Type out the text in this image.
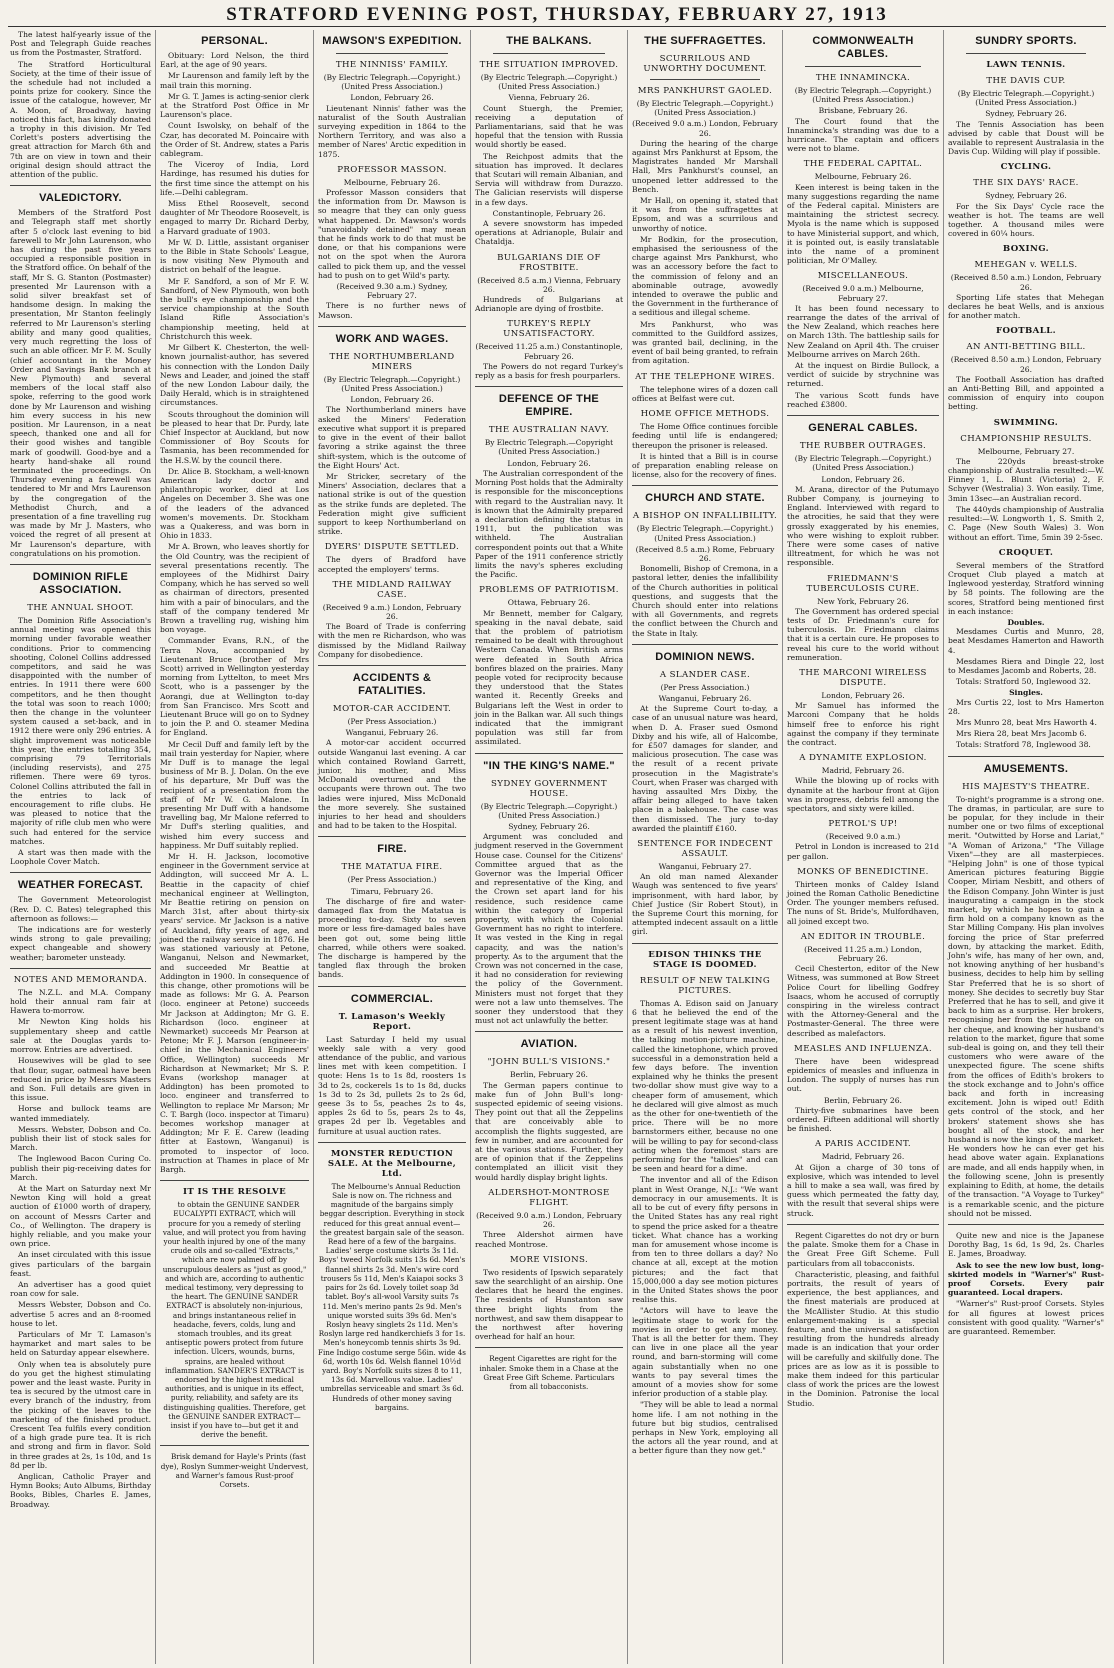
STRATFORD EVENING POST, THURSDAY, FEBRUARY 27, 1913

The latest half-yearly issue of the Post and Telegraph Guide reaches us from the Postmaster, Stratford.

The Stratford Horticultural Society, at the time of their issue of the schedule had not included a points prize for cookery. Since the issue of the catalogue, however, Mr A. Moon, of Broadway, having noticed this fact, has kindly donated a trophy in this division. Mr Ted Corlett's posters advertising the great attraction for March 6th and 7th are on view in town and their original design should attract the attention of the public.

VALEDICTORY.

Members of the Stratford Post and Telegraph staff met shortly after 5 o'clock last evening to bid farewell to Mr John Laurenson, who has during the past five years occupied a responsible position in the Stratford office. On behalf of the staff, Mr S. G. Stanton (Postmaster) presented Mr Laurenson with a solid silver breakfast set of handsome design. In making the presentation, Mr Stanton feelingly referred to Mr Laurenson's sterling ability and many good qualities, very much regretting the loss of such an able officer. Mr F. M. Scully (chief accountant in the Money Order and Savings Bank branch at New Plymouth) and several members of the local staff also spoke, referring to the good work done by Mr Laurenson and wishing him every success in his new position. Mr Laurenson, in a neat speech, thanked one and all for their good wishes and tangible mark of goodwill. Good-bye and a hearty hand-shake all round terminated the proceedings. On Thursday evening a farewell was tendered to Mr and Mrs Laurenson by the congregation of the Methodist Church, and a presentation of a fine travelling rug was made by Mr J. Masters, who voiced the regret of all present at Mr Laurenson's departure, with congratulations on his promotion.

DOMINION RIFLE ASSOCIATION.
THE ANNUAL SHOOT.

The Dominion Rifle Association's annual meeting was opened this morning under favorable weather conditions. Prior to commencing shooting, Colonel Collins addressed competitors, and said he was disappointed with the number of entries. In 1911 there were 600 competitors, and he then thought the total was soon to reach 1000; then the change in the volunteer system caused a set-back, and in 1912 there were only 296 entries. A slight improvement was noticeable this year, the entries totalling 354, comprising 79 Territorials (including reservists), and 275 riflemen. There were 69 tyros. Colonel Collins attributed the fall in the entries to lack of encouragement to rifle clubs. He was pleased to notice that the majority of rifle club men who were such had entered for the service matches.

A start was then made with the Loophole Cover Match.

WEATHER FORECAST.

The Government Meteorologist (Rev. D. C. Bates) telegraphed this afternoon as follows:—

The indications are for westerly winds strong to gale prevailing; expect changeable and showery weather; barometer unsteady.

NOTES AND MEMORANDA.

The N.Z.L. and M.A. Company hold their annual ram fair at Hawera to-morrow.

Mr Newton King holds his supplementary sheep and cattle sale at the Douglas yards to-morrow. Entries are advertised.

Housewives will be glad to see that flour, sugar, oatmeal have been reduced in price by Messrs Masters and Son. Full details are given in this issue.

Horse and bullock teams are wanted immediately.

Messrs. Webster, Dobson and Co. publish their list of stock sales for March.

The Inglewood Bacon Curing Co. publish their pig-receiving dates for March.

At the Mart on Saturday next Mr Newton King will hold a great auction of £1000 worth of drapery, on account of Messrs Carter and Co., of Wellington. The drapery is highly reliable, and you make your own price.

An inset circulated with this issue gives particulars of the bargain feast.

An advertiser has a good quiet roan cow for sale.

Messrs Webster, Dobson and Co. advertise 5 acres and an 8-roomed house to let.

Particulars of Mr T. Lamason's haymarket and mart sales to be held on Saturday appear elsewhere.

Only when tea is absolutely pure do you get the highest stimulating power and the least waste. Purity in tea is secured by the utmost care in every branch of the industry, from the picking of the leaves to the marketing of the finished product. Crescent Tea fulfils every condition of a high grade pure tea. It is rich and strong and firm in flavor. Sold in three grades at 2s, 1s 10d, and 1s 8d per lb.

Anglican, Catholic Prayer and Hymn Books; Auto Albums, Birthday Books, Bibles, Charles E. James, Broadway.

PERSONAL.

Obituary: Lord Nelson, the third Earl, at the age of 90 years.

Mr Laurenson and family left by the mail train this morning.

Mr G. T. James is acting-senior clerk at the Stratford Post Office in Mr Laurenson's place.

Count Iswolsky, on behalf of the Czar, has decorated M. Poincaire with the Order of St. Andrew, states a Paris cablegram.

The Viceroy of India, Lord Hardinge, has resumed his duties for the first time since the attempt on his life.—Delhi cablegram.

Miss Ethel Roosevelt, second daughter of Mr Theodore Roosevelt, is engaged to marry Dr. Richard Derby, a Harvard graduate of 1903.

Mr W. D. Little, assistant organiser to the Bible in State Schools' League, is now visiting New Plymouth and district on behalf of the league.

Mr F. Sandford, a son of Mr F. W. Sandford, of New Plymouth, won both the bull's eye championship and the service championship at the South Island Rifle Association's championship meeting, held at Christchurch this week.

Mr Gilbert K. Chesterton, the well-known journalist-author, has severed his connection with the London Daily News and Leader, and joined the staff of the new London Labour daily, the Daily Herald, which is in straightened circumstances.

Scouts throughout the dominion will be pleased to hear that Dr. Purdy, late Chief Inspector at Auckland, but now Commissioner of Boy Scouts for Tasmania, has been recommended for the H.S.W. by the council there.

Dr. Alice B. Stockham, a well-known American lady doctor and philanthropic worker, died at Los Angeles on December 3. She was one of the leaders of the advanced women's movements. Dr. Stockham was a Quakeress, and was born in Ohio in 1833.

Mr A. Brown, who leaves shortly for the Old Country, was the recipient of several presentations recently. The employees of the Midhirst Dairy Company, which he has served so well as chairman of directors, presented him with a pair of binoculars, and the staff of the company tendered Mr Brown a travelling rug, wishing him bon voyage.

Commander Evans, R.N., of the Terra Nova, accompanied by Lieutenant Bruce (brother of Mrs Scott) arrived in Wellington yesterday morning from Lyttelton, to meet Mrs Scott, who is a passenger by the Aorangi, due at Wellington to-day from San Francisco. Mrs Scott and Lieutenant Bruce will go on to Sydney to join the P. and O. steamer Medina for England.

Mr Cecil Duff and family left by the mail train yesterday for Napier, where Mr Duff is to manage the legal business of Mr B. J. Dolan. On the eve of his departure, Mr Duff was the recipient of a presentation from the staff of Mr W. G. Malone. In presenting Mr Duff with a handsome travelling bag, Mr Malone referred to Mr Duff's sterling qualities, and wished him every success and happiness. Mr Duff suitably replied.

Mr H. H. Jackson, locomotive engineer in the Government service at Addington, will succeed Mr A. L. Beattie in the capacity of chief mechanical engineer at Wellington, Mr Beattie retiring on pension on March 31st, after about thirty-six years' service. Mr Jackson is a native of Auckland, fifty years of age, and joined the railway service in 1876. He was stationed variously at Petone, Wanganui, Nelson and Newmarket, and succeeded Mr Beattie at Addington in 1900. In consequence of this change, other promotions will be made as follows: Mr G. A. Pearson (loco. engineer at Petone) succeeds Mr Jackson at Addington; Mr G. E. Richardson (loco. engineer at Newmarket) succeeds Mr Pearson at Petone; Mr F. J. Marson (engineer-in-chief in the Mechanical Engineers' Office, Wellington) succeeds Mr Richardson at Newmarket; Mr S. P. Evans (workshop manager at Addington) has been promoted to loco. engineer and transferred to Wellington to replace Mr Marson; Mr C. T. Bargh (loco. inspector at Timaru) becomes workshop manager at Addington; Mr F. E. Carew (leading fitter at Eastown, Wanganui) is promoted to inspector of loco. instruction at Thames in place of Mr Bargh.

IT IS THE RESOLVE

to obtain the GENUINE SANDER EUCALYPTI EXTRACT, which will procure for you a remedy of sterling value, and will protect you from having your health injured by one of the many crude oils and so-called "Extracts," which are now palmed off by unscrupulous dealers as "just as good," and which are, according to authentic medical testimony, very depressing to the heart. The GENUINE SANDER EXTRACT is absolutely non-injurious, and brings instantaneous relief in headache, fevers, colds, lung and stomach troubles, and its great antiseptic powers protect from future infection. Ulcers, wounds, burns, sprains, are healed without inflammation. SANDER'S EXTRACT is endorsed by the highest medical authorities, and is unique in its effect, purity, reliability, and safety are its distinguishing qualities. Therefore, get the GENUINE SANDER EXTRACT—insist if you have to—but get it and derive the benefit.

Brisk demand for Hayle's Prints (fast dye), Roslyn Summer-weight Undervest, and Warner's famous Rust-proof Corsets.

MAWSON'S EXPEDITION.
THE NINNISS' FAMILY.
(By Electric Telegraph.—Copyright.) (United Press Association.)
London, February 26.

Lieutenant Ninnis' father was the naturalist of the South Australian surveying expedition in 1864 to the Northern Territory, and was also a member of Nares' Arctic expedition in 1875.

PROFESSOR MASSON.
Melbourne, February 26.

Professor Masson considers that the information from Dr. Mawson is so meagre that they can only guess what happened. Dr. Mawson's words "unavoidably detained" may mean that he finds work to do that must be done, or that his companions were not on the spot when the Aurora called to pick them up, and the vessel had to push on to get Wild's party.

(Received 9.30 a.m.) Sydney, February 27.

There is no further news of Mawson.

WORK AND WAGES.
THE NORTHUMBERLAND MINERS
(By Electric Telegraph.—Copyright.) (United Press Association.)
London, February 26.

The Northumberland miners have asked the Miners' Federation executive what support it is prepared to give in the event of their ballot favoring a strike against the three shift-system, which is the outcome of the Eight Hours' Act.

Mr Stricker, secretary of the Miners' Association, declares that a national strike is out of the question as the strike funds are depleted. The Federation might give sufficient support to keep Northumberland on strike.

DYERS' DISPUTE SETTLED.

The dyers of Bradford have accepted the employers' terms.

THE MIDLAND RAILWAY CASE.
(Received 9 a.m.) London, February 26.

The Board of Trade is conferring with the men re Richardson, who was dismissed by the Midland Railway Company for disobedience.

ACCIDENTS & FATALITIES.
MOTOR-CAR ACCIDENT.
(Per Press Association.)
Wanganui, February 26.

A motor-car accident occurred outside Wanganui last evening. A car which contained Rowland Garrett, junior, his mother, and Miss McDonald overturned and the occupants were thrown out. The two ladies were injured, Miss McDonald the more severely. She sustained injuries to her head and shoulders and had to be taken to the Hospital.

FIRE.
THE MATATUA FIRE.
(Per Press Association.)
Timaru, February 26.

The discharge of fire and water-damaged flax from the Matatua is proceeding to-day. Sixty to seven more or less fire-damaged bales have been got out, some being little charred, while others were soaked. The discharge is hampered by the tangled flax through the broken bands.

COMMERCIAL.
T. Lamason's Weekly Report.

Last Saturday I held my usual weekly sale with a very good attendance of the public, and various lines met with keen competition. I quote: Hens 1s to 1s 8d, roosters 1s 3d to 2s, cockerels 1s to 1s 8d, ducks 1s 3d to 2s 3d, pullets 2s to 2s 6d, geese 3s to 5s, peaches 2s to 4s, apples 2s 6d to 5s, pears 2s to 4s, grapes 2d per lb. Vegetables and furniture at usual auction rates.

MONSTER REDUCTION SALE. At the Melbourne, Ltd.

The Melbourne's Annual Reduction Sale is now on. The richness and magnitude of the bargains simply beggar description. Everything in stock reduced for this great annual event—the greatest bargain sale of the season. Read here of a few of the bargains. Ladies' serge costume skirts 3s 11d. Boys' tweed Norfolk suits 13s 6d. Men's flannel shirts 2s 3d. Men's wire cord trousers 5s 11d, Men's Kaiapoi socks 3 pairs for 2s 6d. Lovely toilet soap 3d tablet. Boy's all-wool Varsity suits 7s 11d. Men's merino pants 2s 9d. Men's unique worsted suits 39s 6d. Men's Roslyn heavy singlets 2s 11d. Men's Roslyn large red handkerchiefs 3 for 1s. Men's honeycomb tennis shirts 3s 9d. Fine Indigo costume serge 56in. wide 4s 6d, worth 10s 6d. Welsh flannel 10½d yard. Boy's Norfolk suits sizes 8 to 11, 13s 6d. Marvellous value. Ladies' umbrellas serviceable and smart 3s 6d. Hundreds of other money saving bargains.

THE BALKANS.
THE SITUATION IMPROVED.
(By Electric Telegraph.—Copyright.) (United Press Association.)
Vienna, February 26.

Count Stuergh, the Premier, receiving a deputation of Parliamentarians, said that he was hopeful that the tension with Russia would shortly be eased.

The Reichpost admits that the situation has improved. It declares that Scutari will remain Albanian, and Servia will withdraw from Durazzo. The Galician reservists will disperse in a few days.

Constantinople, February 26.

A severe snowstorm has impeded operations at Adrianople, Bulair and Chataldja.

BULGARIANS DIE OF FROSTBITE.
(Received 8.5 a.m.) Vienna, February 26.

Hundreds of Bulgarians at Adrianople are dying of frostbite.

TURKEY'S REPLY UNSATISFACTORY.
(Received 11.25 a.m.) Constantinople, February 26.

The Powers do not regard Turkey's reply as a basis for fresh pourparlers.

DEFENCE OF THE EMPIRE.
THE AUSTRALIAN NAVY.
By Electric Telegraph.—Copyright (United Press Association.)
London, February 26.

The Australian correspondent of the Morning Post holds that the Admiralty is responsible for the misconceptions with regard to the Australian navy. It is known that the Admiralty prepared a declaration defining the status in 1911, but the publication was withheld. The Australian correspondent points out that a White Paper of the 1911 conference strictly limits the navy's spheres excluding the Pacific.

PROBLEMS OF PATRIOTISM.
Ottawa, February 26.

Mr Bennett, member for Calgary, speaking in the naval debate, said that the problem of patriotism remained to be dealt with throughout Western Canada. When British arms were defeated in South Africa bonfires blazed on the prairies. Many people voted for reciprocity because they understood that the States wanted it. Recently Greeks and Bulgarians left the West in order to join in the Balkan war. All such things indicated that the immigrant population was still far from assimilated.

"IN THE KING'S NAME."
SYDNEY GOVERNMENT HOUSE.
(By Electric Telegraph.—Copyright.) (United Press Association.)
Sydney, February 26.

Argument was concluded and judgment reserved in the Government House case. Counsel for the Citizens' Committee argued that as the Governor was the Imperial Officer and representative of the King, and the Crown set apart land for his residence, such residence came within the category of Imperial property, with which the Colonial Government has no right to interfere. It was vested in the King in regal capacity, and was the nation's property. As to the argument that the Crown was not concerned in the case, it had no consideration for reviewing the policy of the Government. Ministers must not forget that they were not a law unto themselves. The sooner they understood that they must not act unlawfully the better.

AVIATION.
"JOHN BULL'S VISIONS."
Berlin, February 26.

The German papers continue to make fun of John Bull's long-suspected epidemic of seeing visions. They point out that all the Zeppelins that are conceivably able to accomplish the flights suggested, are few in number, and are accounted for at the various stations. Further, they are of opinion that if the Zeppelins contemplated an illicit visit they would hardly display bright lights.

ALDERSHOT-MONTROSE FLIGHT.
(Received 9.0 a.m.) London, February 26.

Three Aldershot airmen have reached Montrose.

MORE VISIONS.

Two residents of Ipswich separately saw the searchlight of an airship. One declares that he heard the engines. The residents of Hunstanton saw three bright lights from the northwest, and saw them disappear to the northwest after hovering overhead for half an hour.

Regent Cigarettes are right for the inhaler. Smoke them in a Chase at the Great Free Gift Scheme. Particulars from all tobacconists.

THE SUFFRAGETTES.
SCURRILOUS AND UNWORTHY DOCUMENT.
MRS PANKHURST GAOLED.
(By Electric Telegraph.—Copyright.) (United Press Association.)
(Received 9.0 a.m.) London, February 26.

During the hearing of the charge against Mrs Pankhurst at Epsom, the Magistrates handed Mr Marshall Hall, Mrs Pankhurst's counsel, an unopened letter addressed to the Bench.

Mr Hall, on opening it, stated that it was from the suffragettes at Epsom, and was a scurrilous and unworthy of notice.

Mr Bodkin, for the prosecution, emphasised the seriousness of the charge against Mrs Pankhurst, who was an accessory before the fact to the commission of felony and an abominable outrage, avowedly intended to overawe the public and the Government in the furtherance of a seditious and illegal scheme.

Mrs Pankhurst, who was committed to the Guildford assizes, was granted bail, declining, in the event of bail being granted, to refrain from agitation.

AT THE TELEPHONE WIRES.

The telephone wires of a dozen call offices at Belfast were cut.

HOME OFFICE METHODS.

The Home Office continues forcible feeding until life is endangered; thereupon the prisoner is released.

It is hinted that a Bill is in course of preparation enabling release on license, also for the recovery of fines.

CHURCH AND STATE.
A BISHOP ON INFALLIBILITY.
(By Electric Telegraph.—Copyright.) (United Press Association.)
(Received 8.5 a.m.) Rome, February 26.

Bonomelli, Bishop of Cremona, in a pastoral letter, denies the infallibility of the Church authorities in political questions, and suggests that the Church should enter into relations with all Governments, and regrets the conflict between the Church and the State in Italy.

DOMINION NEWS.
A SLANDER CASE.
(Per Press Association.)
Wanganui, February 26.

At the Supreme Court to-day, a case of an unusual nature was heard, when D. A. Fraser sued Osmond Dixby and his wife, all of Halcombe, for £507 damages for slander, and malicious prosecution. The case was the result of a recent private prosecution in the Magistrate's Court, when Fraser was charged with having assaulted Mrs Dixby, the affair being alleged to have taken place in a bakehouse. The case was then dismissed. The jury to-day awarded the plaintiff £160.

SENTENCE FOR INDECENT ASSAULT.
Wanganui, February 27.

An old man named Alexander Waugh was sentenced to five years' imprisonment, with hard labor, by Chief Justice (Sir Robert Stout), in the Supreme Court this morning, for attempted indecent assault on a little girl.

EDISON THINKS THE STAGE IS DOOMED.
RESULT OF NEW TALKING PICTURES.

Thomas A. Edison said on January 6 that he believed the end of the present legitimate stage was at hand as a result of his newest invention, the talking motion-picture machine, called the kinetophone, which proved successful in a demonstration held a few days before. The invention explained why he thinks the present two-dollar show must give way to a cheaper form of amusement, which he declared will give almost as much as the other for one-twentieth of the price. There will be no more barnstormers either, because no one will be willing to pay for second-class acting when the foremost stars are performing for the "talkies" and can be seen and heard for a dime.

The inventor and all of the Edison plant in West Orange, N.J.: "We want democracy in our amusements. It is all to be cut of every fifty persons in the United States has any real right to spend the price asked for a theatre ticket. What chance has a working man for amusement whose income is from ten to three dollars a day? No chance at all, except at the motion pictures; and the fact that 15,000,000 a day see motion pictures in the United States shows the poor realise this.

"Actors will have to leave the legitimate stage to work for the movies in order to get any money. That is all the better for them. They can live in one place all the year round, and barn-storming will come again substantially when no one wants to pay several times the amount of a movies show for some inferior production of a stable play.

"They will be able to lead a normal home life. I am not nothing in the future but big studios, centralised perhaps in New York, employing all the actors all the year round, and at a better figure than they now get."

COMMONWEALTH CABLES.
THE INNAMINCKA.
(By Electric Telegraph.—Copyright.) (United Press Association.)
Brisbane, February 26.

The Court found that the Innamincka's stranding was due to a hurricane. The captain and officers were not to blame.

THE FEDERAL CAPITAL.
Melbourne, February 26.

Keen interest is being taken in the many suggestions regarding the name of the Federal capital. Ministers are maintaining the strictest secrecy. Myola is the name which is supposed to have Ministerial support, and which, it is pointed out, is easily translatable into the name of a prominent politician, Mr O'Malley.

MISCELLANEOUS.
(Received 9.0 a.m.) Melbourne, February 27.

It has been found necessary to rearrange the dates of the arrival of the New Zealand, which reaches here on March 13th. The battleship sails for New Zealand on April 4th. The cruiser Melbourne arrives on March 26th.

At the inquest on Birdie Bullock, a verdict of suicide by strychnine was returned.

The various Scott funds have reached £3800.

GENERAL CABLES.
THE RUBBER OUTRAGES.
(By Electric Telegraph.—Copyright.) (United Press Association.)
London, February 26.

M. Arana, director of the Putumayo Rubber Company, is journeying to England. Interviewed with regard to the atrocities, he said that they were grossly exaggerated by his enemies, who were wishing to exploit rubber. There were some cases of native illtreatment, for which he was not responsible.

FRIEDMANN'S TUBERCULOSIS CURE.
New York, February 26.

The Government has ordered special tests of Dr. Friedmann's cure for tuberculosis. Dr. Friedmann claims that it is a certain cure. He proposes to reveal his cure to the world without remuneration.

THE MARCONI WIRELESS DISPUTE.
London, February 26.

Mr Samuel has informed the Marconi Company that he holds himself free to enforce his right against the company if they terminate the contract.

A DYNAMITE EXPLOSION.
Madrid, February 26.

While the blowing up of rocks with dynamite at the harbour front at Gijon was in progress, debris fell among the spectators, and sixty were killed.

PETROL'S UP!
(Received 9.0 a.m.)

Petrol in London is increased to 21d per gallon.

MONKS OF BENEDICTINE.

Thirteen monks of Caldey Island joined the Roman Catholic Benedictine Order. The younger members refused. The nuns of St. Bride's, Mulfordhaven, all joined except two.

AN EDITOR IN TROUBLE.
(Received 11.25 a.m.) London, February 26.

Cecil Chesterton, editor of the New Witness, was summoned at Bow Street Police Court for libelling Godfrey Isaacs, whom he accused of corruptly conspiring in the wireless contract with the Attorney-General and the Postmaster-General. The three were described as malefactors.

MEASLES AND INFLUENZA.

There have been widespread epidemics of measles and influenza in London. The supply of nurses has run out.

Berlin, February 26.

Thirty-five submarines have been ordered. Fifteen additional will shortly be finished.

A PARIS ACCIDENT.
Madrid, February 26.

At Gijon a charge of 30 tons of explosive, which was intended to level a hill to make a sea wall, was fired by guess which permeated the fatty day, with the result that several ships were struck.

Regent Cigarettes do not dry or burn the palate. Smoke them for a Chase in the Great Free Gift Scheme. Full particulars from all tobacconists.

Characteristic, pleasing, and faithful portraits, the result of years of experience, the best appliances, and the finest materials are produced at the McAllister Studio. At this studio enlargement-making is a special feature, and the universal satisfaction resulting from the hundreds already made is an indication that your order will be carefully and skilfully done. The prices are as low as it is possible to make them indeed for this particular class of work the prices are the lowest in the Dominion. Patronise the local Studio.

SUNDRY SPORTS.
LAWN TENNIS.
THE DAVIS CUP.
(By Electric Telegraph.—Copyright.) (United Press Association.)
Sydney, February 26.

The Tennis Association has been advised by cable that Doust will be available to represent Australasia in the Davis Cup. Wilding will play if possible.

CYCLING.
THE SIX DAYS' RACE.
Sydney, February 26.

For the Six Days' Cycle race the weather is hot. The teams are well together. A thousand miles were covered in 60¼ hours.

BOXING.
MEHEGAN v. WELLS.
(Received 8.50 a.m.) London, February 26.

Sporting Life states that Mehegan declares he beat Wells, and is anxious for another match.

FOOTBALL.
AN ANTI-BETTING BILL.
(Received 8.50 a.m.) London, February 26.

The Football Association has drafted an Anti-Betting Bill, and appointed a commission of enquiry into coupon betting.

SWIMMING.
CHAMPIONSHIP RESULTS.
Melbourne, February 27.

The 220yds breast-stroke championship of Australia resulted:—W. Finney 1, L. Blunt (Victoria) 2, F. Schyver (Westralia) 3. Won easily. Time, 3min 13sec—an Australian record.

The 440yds championship of Australia resulted:—W. Longworth 1, S. Smith 2, C. Page (New South Wales) 3. Won without an effort. Time, 5min 39 2-5sec.

CROQUET.

Several members of the Stratford Croquet Club played a match at Inglewood yesterday, Stratford winning by 58 points. The following are the scores, Stratford being mentioned first in each instance:

Doubles.

Mesdames Curtis and Munro, 28, beat Mesdames Hamerton and Haworth 4.

Mesdames Riera and Dingle 22, lost to Mesdames Jacomb and Roberts, 28.

Totals: Stratford 50, Inglewood 32.

Singles.

Mrs Curtis 22, lost to Mrs Hamerton 28.

Mrs Munro 28, beat Mrs Haworth 4.

Mrs Riera 28, beat Mrs Jacomb 6.

Totals: Stratford 78, Inglewood 38.

AMUSEMENTS.
HIS MAJESTY'S THEATRE.

To-night's programme is a strong one. The dramas, in particular, are sure to be popular, for they include in their number one or two films of exceptional merit. "Outwitted by Horse and Lariat," "A Woman of Arizona," "The Village Vixen"—they are all masterpieces. "Helping John" is one of those typical American pictures featuring Biggie Cooper, Miriam Nesbitt, and others of the Edison Company. John Winter is just inaugurating a campaign in the stock market, by which he hopes to gain a firm hold on a company known as the Star Milling Company. His plan involves forcing the price of Star preferred down, by attacking the market. Edith, John's wife, has many of her own, and, not knowing anything of her husband's business, decides to help him by selling Star Preferred that he is so short of money. She decides to secretly buy Star Preferred that he has to sell, and give it back to him as a surprise. Her brokers, recognising her from the signature on her cheque, and knowing her husband's relation to the market, figure that some sub-deal is going on, and they tell their customers who were aware of the unexpected figure. The scene shifts from the offices of Edith's brokers to the stock exchange and to John's office back and forth in increasing excitement. John is wiped out! Edith gets control of the stock, and her brokers' statement shows she has bought all of the stock, and her husband is now the kings of the market. He wonders how he can ever get his head above water again. Explanations are made, and all ends happily when, in the following scene, John is presently explaining to Edith, at home, the details of the transaction. "A Voyage to Turkey" is a remarkable scenic, and the picture should not be missed.

Quite new and nice is the Japanese Dorothy Bag, 1s 6d, 1s 9d, 2s. Charles E. James, Broadway.

Ask to see the new low bust, long-skirted models in "Warner's" Rust-proof Corsets. Every pair guaranteed. Local drapers.

"Warner's" Rust-proof Corsets. Styles for all figures at lowest prices consistent with good quality. "Warner's" are guaranteed. Remember.
